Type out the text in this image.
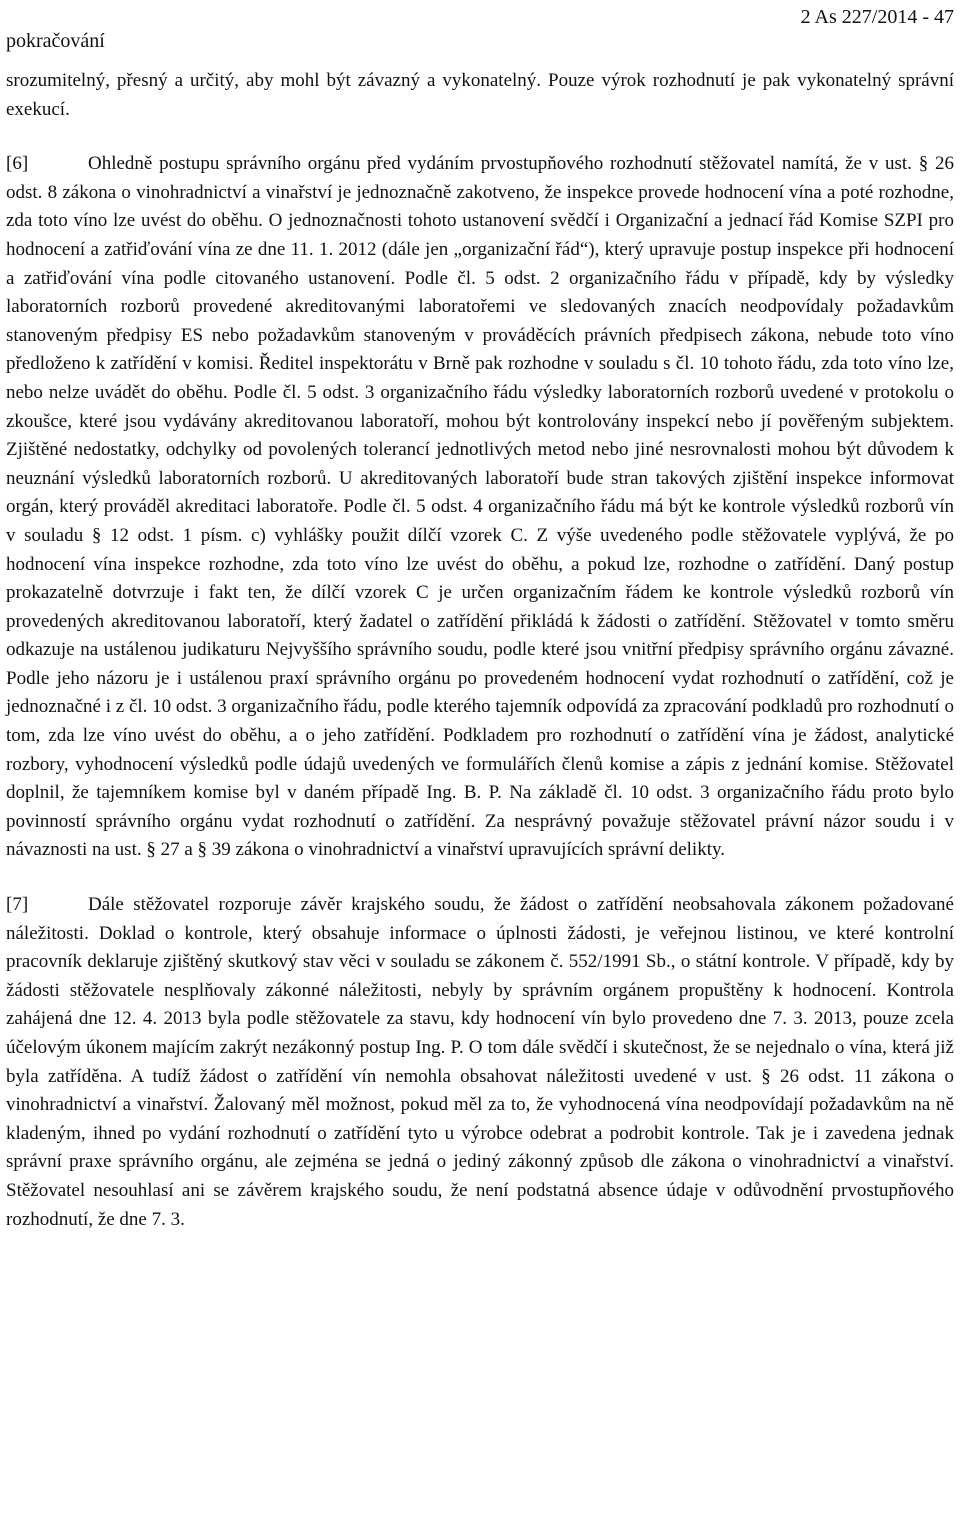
pokračování
2 As 227/2014 - 47

srozumitelný, přesný a určitý, aby mohl být závazný a vykonatelný. Pouze výrok rozhodnutí je pak vykonatelný správní exekucí.

[6]	Ohledně postupu správního orgánu před vydáním prvostupňového rozhodnutí stěžovatel namítá, že v ust. § 26 odst. 8 zákona o vinohradnictví a vinařství je jednoznačně zakotveno, že inspekce provede hodnocení vína a poté rozhodne, zda toto víno lze uvést do oběhu. O jednoznačnosti tohoto ustanovení svědčí i Organizační a jednací řád Komise SZPI pro hodnocení a zatřiďování vína ze dne 11. 1. 2012 (dále jen „organizační řád“), který upravuje postup inspekce při hodnocení a zatřiďování vína podle citovaného ustanovení. Podle čl. 5 odst. 2 organizačního řádu v případě, kdy by výsledky laboratorních rozborů provedené akreditovanými laboratořemi ve sledovaných znacích neodpovídaly požadavkům stanoveným předpisy ES nebo požadavkům stanoveným v prováděcích právních předpisech zákona, nebude toto víno předloženo k zatřídění v komisi. Ředitel inspektorátu v Brně pak rozhodne v souladu s čl. 10 tohoto řádu, zda toto víno lze, nebo nelze uvádět do oběhu. Podle čl. 5 odst. 3 organizačního řádu výsledky laboratorních rozborů uvedené v protokolu o zkoušce, které jsou vydávány akreditovanou laboratoří, mohou být kontrolovány inspekcí nebo jí pověřeným subjektem. Zjištěné nedostatky, odchylky od povolených tolerancí jednotlivých metod nebo jiné nesrovnalosti mohou být důvodem k neuznání výsledků laboratorních rozborů. U akreditovaných laboratoří bude stran takových zjištění inspekce informovat orgán, který prováděl akreditaci laboratoře. Podle čl. 5 odst. 4 organizačního řádu má být ke kontrole výsledků rozborů vín v souladu § 12 odst. 1 písm. c) vyhlášky použit dílčí vzorek C. Z výše uvedeného podle stěžovatele vyplývá, že po hodnocení vína inspekce rozhodne, zda toto víno lze uvést do oběhu, a pokud lze, rozhodne o zatřídění. Daný postup prokazatelně dotvrzuje i fakt ten, že dílčí vzorek C je určen organizačním řádem ke kontrole výsledků rozborů vín provedených akreditovanou laboratoří, který žadatel o zatřídění přikládá k žádosti o zatřídění. Stěžovatel v tomto směru odkazuje na ustálenou judikaturu Nejvyššího správního soudu, podle které jsou vnitřní předpisy správního orgánu závazné. Podle jeho názoru je i ustálenou praxí správního orgánu po provedeném hodnocení vydat rozhodnutí o zatřídění, což je jednoznačné i z čl. 10 odst. 3 organizačního řádu, podle kterého tajemník odpovídá za zpracování podkladů pro rozhodnutí o tom, zda lze víno uvést do oběhu, a o jeho zatřídění. Podkladem pro rozhodnutí o zatřídění vína je žádost, analytické rozbory, vyhodnocení výsledků podle údajů uvedených ve formulářích členů komise a zápis z jednání komise. Stěžovatel doplnil, že tajemníkem komise byl v daném případě Ing. B. P. Na základě čl. 10 odst. 3 organizačního řádu proto bylo povinností správního orgánu vydat rozhodnutí o zatřídění. Za nesprávný považuje stěžovatel právní názor soudu i v návaznosti na ust. § 27 a § 39 zákona o vinohradnictví a vinařství upravujících správní delikty.

[7]	Dále stěžovatel rozporuje závěr krajského soudu, že žádost o zatřídění neobsahovala zákonem požadované náležitosti. Doklad o kontrole, který obsahuje informace o úplnosti žádosti, je veřejnou listinou, ve které kontrolní pracovník deklaruje zjištěný skutkový stav věci v souladu se zákonem č. 552/1991 Sb., o státní kontrole. V případě, kdy by žádosti stěžovatele nesplňovaly zákonné náležitosti, nebyly by správním orgánem propuštěny k hodnocení. Kontrola zahájená dne 12. 4. 2013 byla podle stěžovatele za stavu, kdy hodnocení vín bylo provedeno dne 7. 3. 2013, pouze zcela účelovým úkonem majícím zakrýt nezákonný postup Ing. P. O tom dále svědčí i skutečnost, že se nejednalo o vína, která již byla zatříděna. A tudíž žádost o zatřídění vín nemohla obsahovat náležitosti uvedené v ust. § 26 odst. 11 zákona o vinohradnictví a vinařství. Žalovaný měl možnost, pokud měl za to, že vyhodnocená vína neodpovídají požadavkům na ně kladeným, ihned po vydání rozhodnutí o zatřídění tyto u výrobce odebrat a podrobit kontrole. Tak je i zavedena jednak správní praxe správního orgánu, ale zejména se jedná o jediný zákonný způsob dle zákona o vinohradnictví a vinařství. Stěžovatel nesouhlasí ani se závěrem krajského soudu, že není podstatná absence údaje v odůvodnění prvostupňového rozhodnutí, že dne 7. 3.
